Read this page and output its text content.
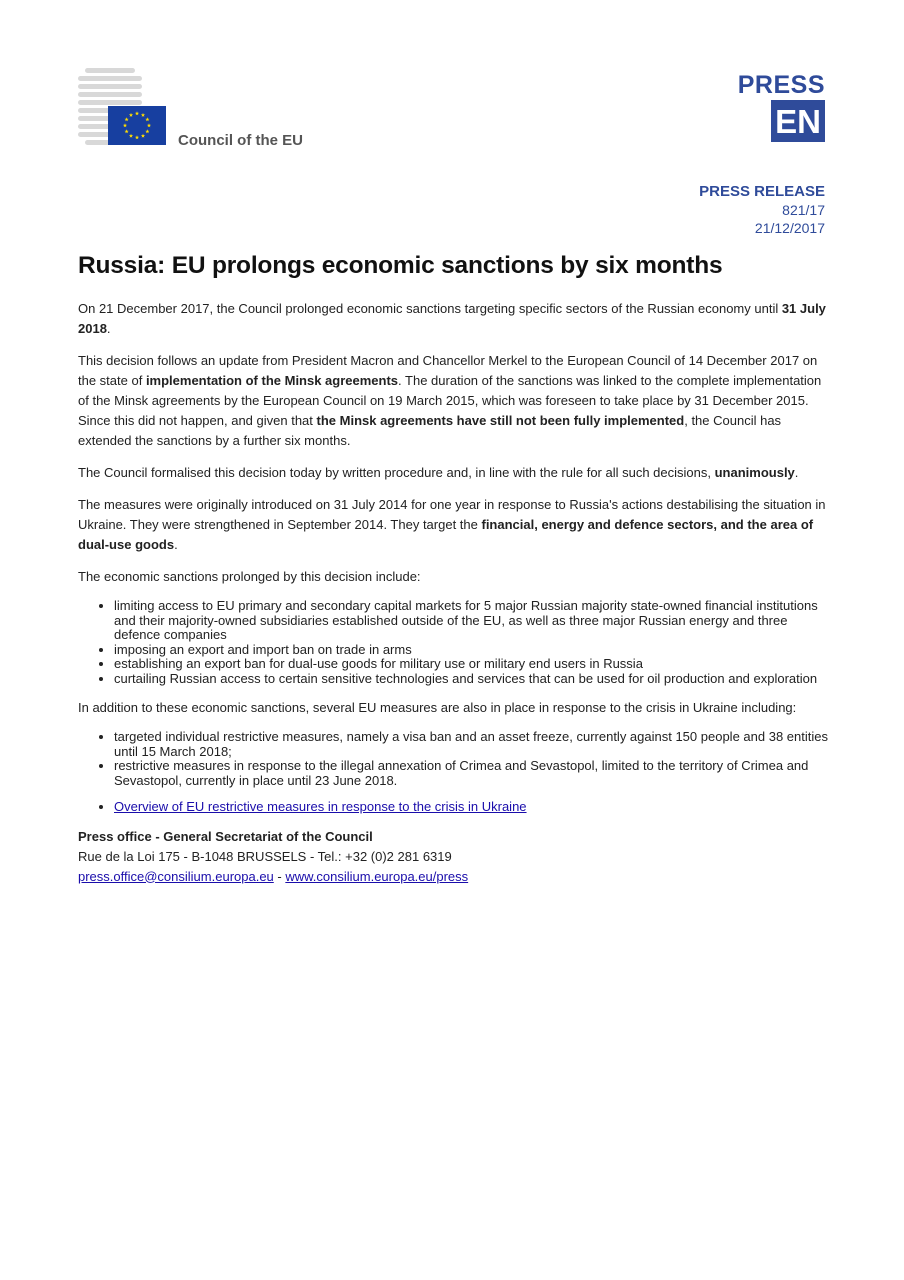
Council of the EU
PRESS
EN
PRESS RELEASE
821/17
21/12/2017
Russia: EU prolongs economic sanctions by six months

On 21 December 2017, the Council prolonged economic sanctions targeting specific sectors of the Russian economy until 31 July 2018.

This decision follows an update from President Macron and Chancellor Merkel to the European Council of 14 December 2017 on the state of implementation of the Minsk agreements. The duration of the sanctions was linked to the complete implementation of the Minsk agreements by the European Council on 19 March 2015, which was foreseen to take place by 31 December 2015. Since this did not happen, and given that the Minsk agreements have still not been fully implemented, the Council has extended the sanctions by a further six months.

The Council formalised this decision today by written procedure and, in line with the rule for all such decisions, unanimously.

The measures were originally introduced on 31 July 2014 for one year in response to Russia's actions destabilising the situation in Ukraine. They were strengthened in September 2014. They target the financial, energy and defence sectors, and the area of dual-use goods.

The economic sanctions prolonged by this decision include:

• limiting access to EU primary and secondary capital markets for 5 major Russian majority state-owned financial institutions and their majority-owned subsidiaries established outside of the EU, as well as three major Russian energy and three defence companies
• imposing an export and import ban on trade in arms
• establishing an export ban for dual-use goods for military use or military end users in Russia
• curtailing Russian access to certain sensitive technologies and services that can be used for oil production and exploration

In addition to these economic sanctions, several EU measures are also in place in response to the crisis in Ukraine including:

• targeted individual restrictive measures, namely a visa ban and an asset freeze, currently against 150 people and 38 entities until 15 March 2018;
• restrictive measures in response to the illegal annexation of Crimea and Sevastopol, limited to the territory of Crimea and Sevastopol, currently in place until 23 June 2018.
• Overview of EU restrictive measures in response to the crisis in Ukraine
Press office - General Secretariat of the Council
Rue de la Loi 175 - B-1048 BRUSSELS - Tel.: +32 (0)2 281 6319
press.office@consilium.europa.eu - www.consilium.europa.eu/press
